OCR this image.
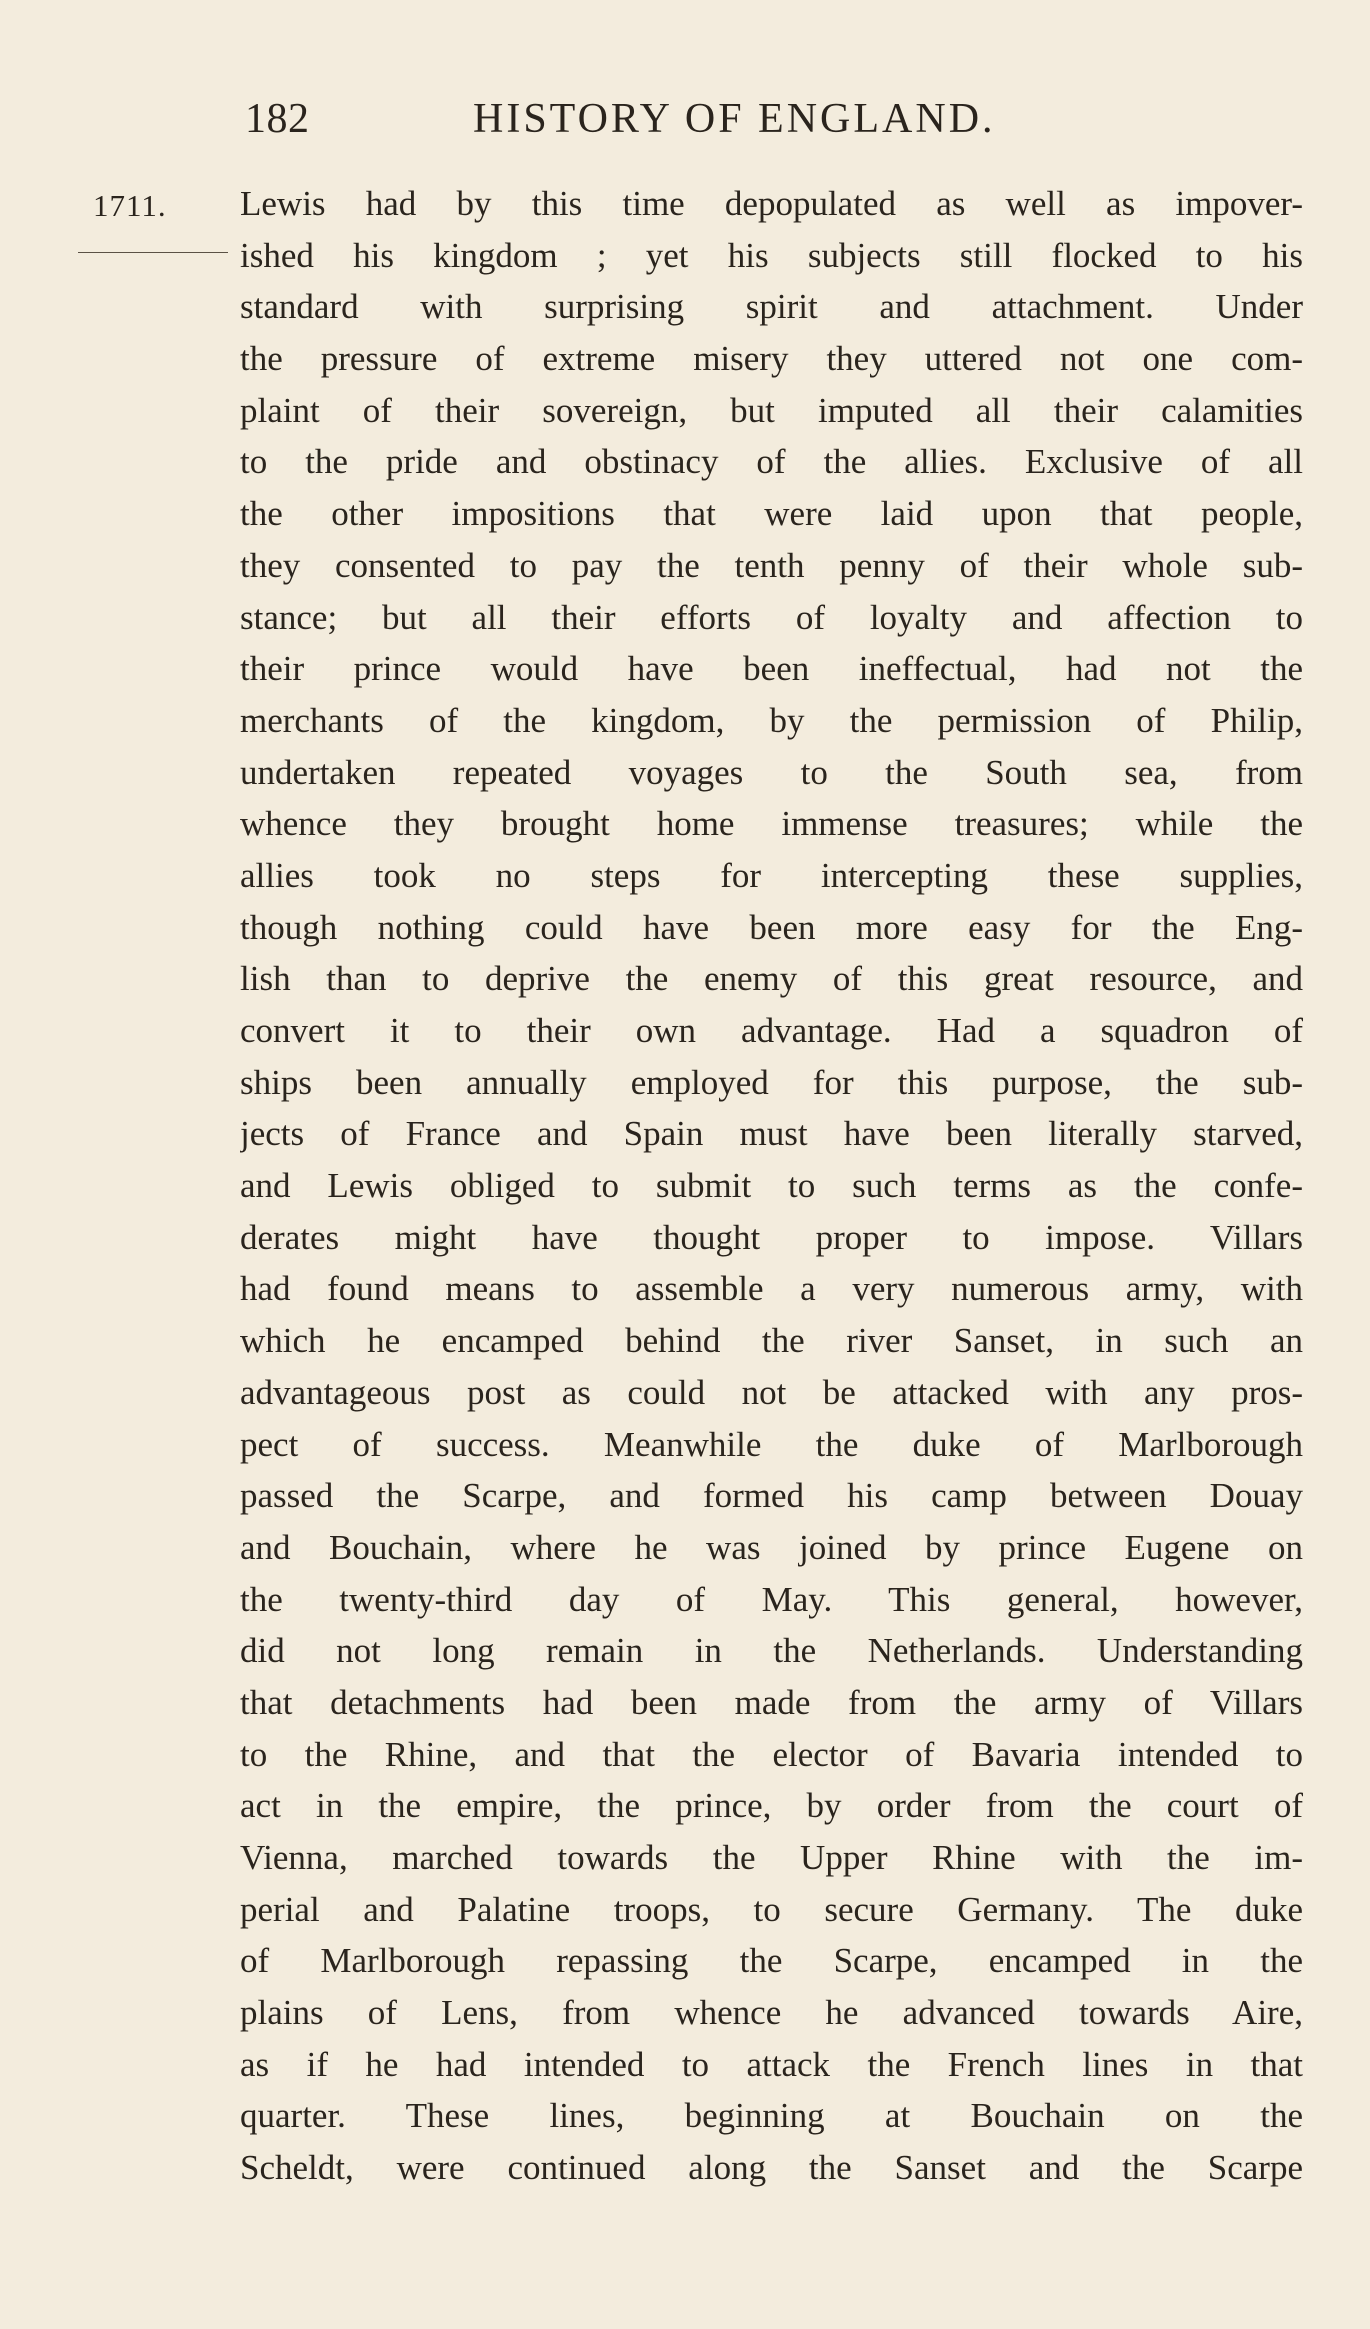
182	HISTORY OF ENGLAND.
1711. Lewis had by this time depopulated as well as impover-
ished his kingdom ; yet his subjects still flocked to his
standard with surprising spirit and attachment. Under
the pressure of extreme misery they uttered not one com-
plaint of their sovereign, but imputed all their calamities
to the pride and obstinacy of the allies. Exclusive of all
the other impositions that were laid upon that people,
they consented to pay the tenth penny of their whole sub-
stance; but all their efforts of loyalty and affection to
their prince would have been ineffectual, had not the
merchants of the kingdom, by the permission of Philip,
undertaken repeated voyages to the South sea, from
whence they brought home immense treasures; while the
allies took no steps for intercepting these supplies,
though nothing could have been more easy for the Eng-
lish than to deprive the enemy of this great resource, and
convert it to their own advantage. Had a squadron of
ships been annually employed for this purpose, the sub-
jects of France and Spain must have been literally starved,
and Lewis obliged to submit to such terms as the confe-
derates might have thought proper to impose. Villars
had found means to assemble a very numerous army, with
which he encamped behind the river Sanset, in such an
advantageous post as could not be attacked with any pros-
pect of success. Meanwhile the duke of Marlborough
passed the Scarpe, and formed his camp between Douay
and Bouchain, where he was joined by prince Eugene on
the twenty-third day of May. This general, however,
did not long remain in the Netherlands. Understanding
that detachments had been made from the army of Villars
to the Rhine, and that the elector of Bavaria intended to
act in the empire, the prince, by order from the court of
Vienna, marched towards the Upper Rhine with the im-
perial and Palatine troops, to secure Germany. The duke
of Marlborough repassing the Scarpe, encamped in the
plains of Lens, from whence he advanced towards Aire,
as if he had intended to attack the French lines in that
quarter. These lines, beginning at Bouchain on the
Scheldt, were continued along the Sanset and the Scarpe
